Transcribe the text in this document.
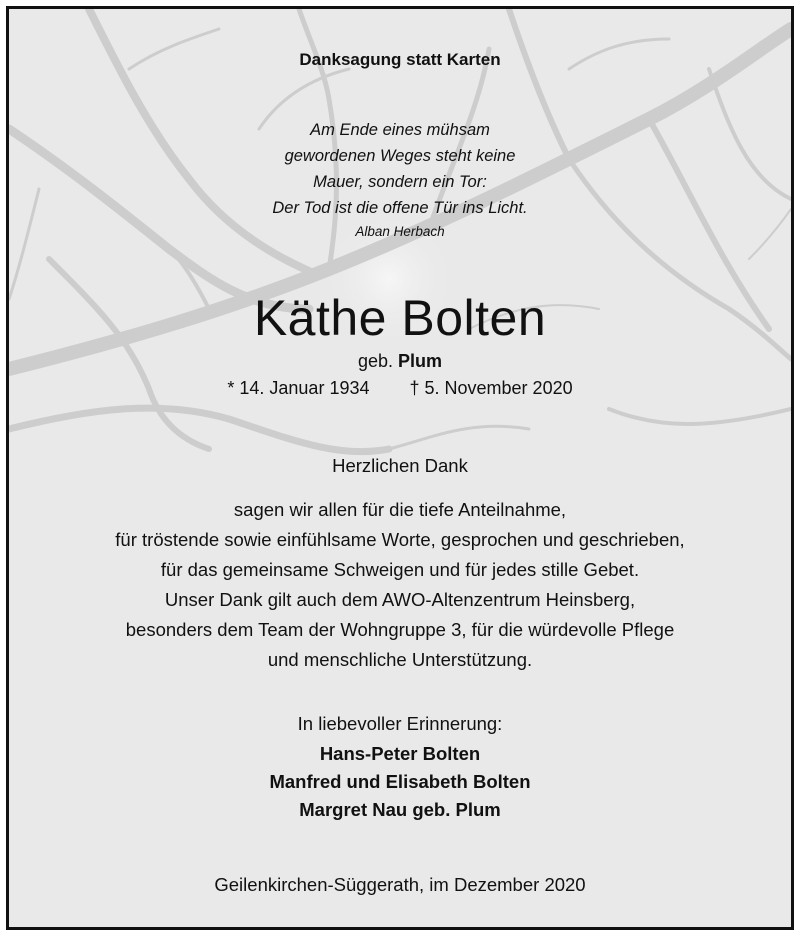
Danksagung statt Karten
Am Ende eines mühsam
gewordenen Weges steht keine
Mauer, sondern ein Tor:
Der Tod ist die offene Tür ins Licht.
Alban Herbach
Käthe Bolten
geb. Plum
* 14. Januar 1934 † 5. November 2020
Herzlichen Dank
sagen wir allen für die tiefe Anteilnahme,
für tröstende sowie einfühlsame Worte, gesprochen und geschrieben,
für das gemeinsame Schweigen und für jedes stille Gebet.
Unser Dank gilt auch dem AWO-Altenzentrum Heinsberg,
besonders dem Team der Wohngruppe 3, für die würdevolle Pflege
und menschliche Unterstützung.
In liebevoller Erinnerung:
Hans-Peter Bolten
Manfred und Elisabeth Bolten
Margret Nau geb. Plum
Geilenkirchen-Süggerath, im Dezember 2020
